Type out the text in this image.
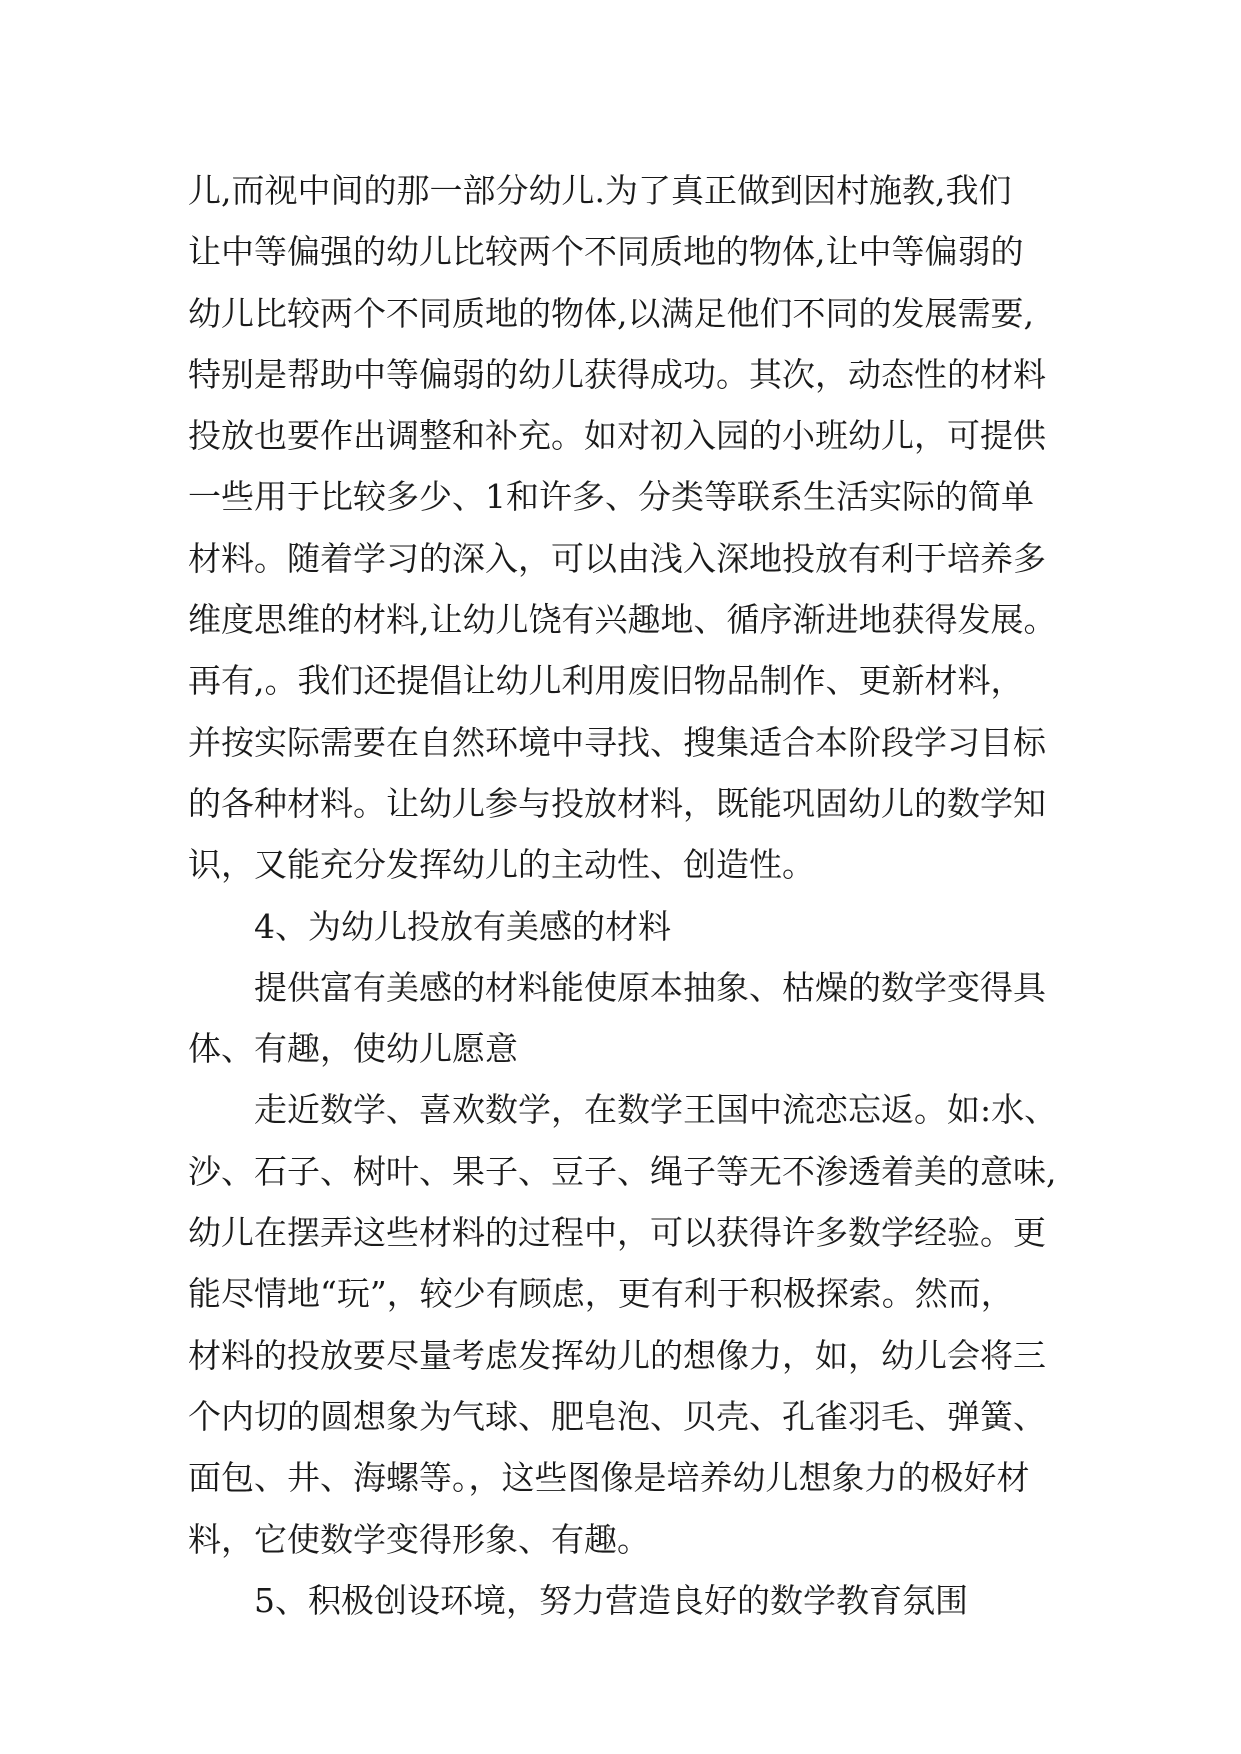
儿,而视中间的那一部分幼儿.为了真正做到因村施教,我们
让中等偏强的幼儿比较两个不同质地的物体,让中等偏弱的
幼儿比较两个不同质地的物体,以满足他们不同的发展需要,
特别是帮助中等偏弱的幼儿获得成功。其次，动态性的材料
投放也要作出调整和补充。如对初入园的小班幼儿，可提供
一些用于比较多少、1和许多、分类等联系生活实际的简单
材料。随着学习的深入，可以由浅入深地投放有利于培养多
维度思维的材料,让幼儿饶有兴趣地、循序渐进地获得发展。
再有,。我们还提倡让幼儿利用废旧物品制作、更新材料，
并按实际需要在自然环境中寻找、搜集适合本阶段学习目标
的各种材料。让幼儿参与投放材料，既能巩固幼儿的数学知
识，又能充分发挥幼儿的主动性、创造性。
4、为幼儿投放有美感的材料
提供富有美感的材料能使原本抽象、枯燥的数学变得具
体、有趣，使幼儿愿意
走近数学、喜欢数学，在数学王国中流恋忘返。如:水、
沙、石子、树叶、果子、豆子、绳子等无不渗透着美的意味,
幼儿在摆弄这些材料的过程中，可以获得许多数学经验。更
能尽情地“玩”，较少有顾虑，更有利于积极探索。然而，
材料的投放要尽量考虑发挥幼儿的想像力，如，幼儿会将三
个内切的圆想象为气球、肥皂泡、贝壳、孔雀羽毛、弹簧、
面包、井、海螺等。，这些图像是培养幼儿想象力的极好材
料，它使数学变得形象、有趣。
5、积极创设环境，努力营造良好的数学教育氛围
